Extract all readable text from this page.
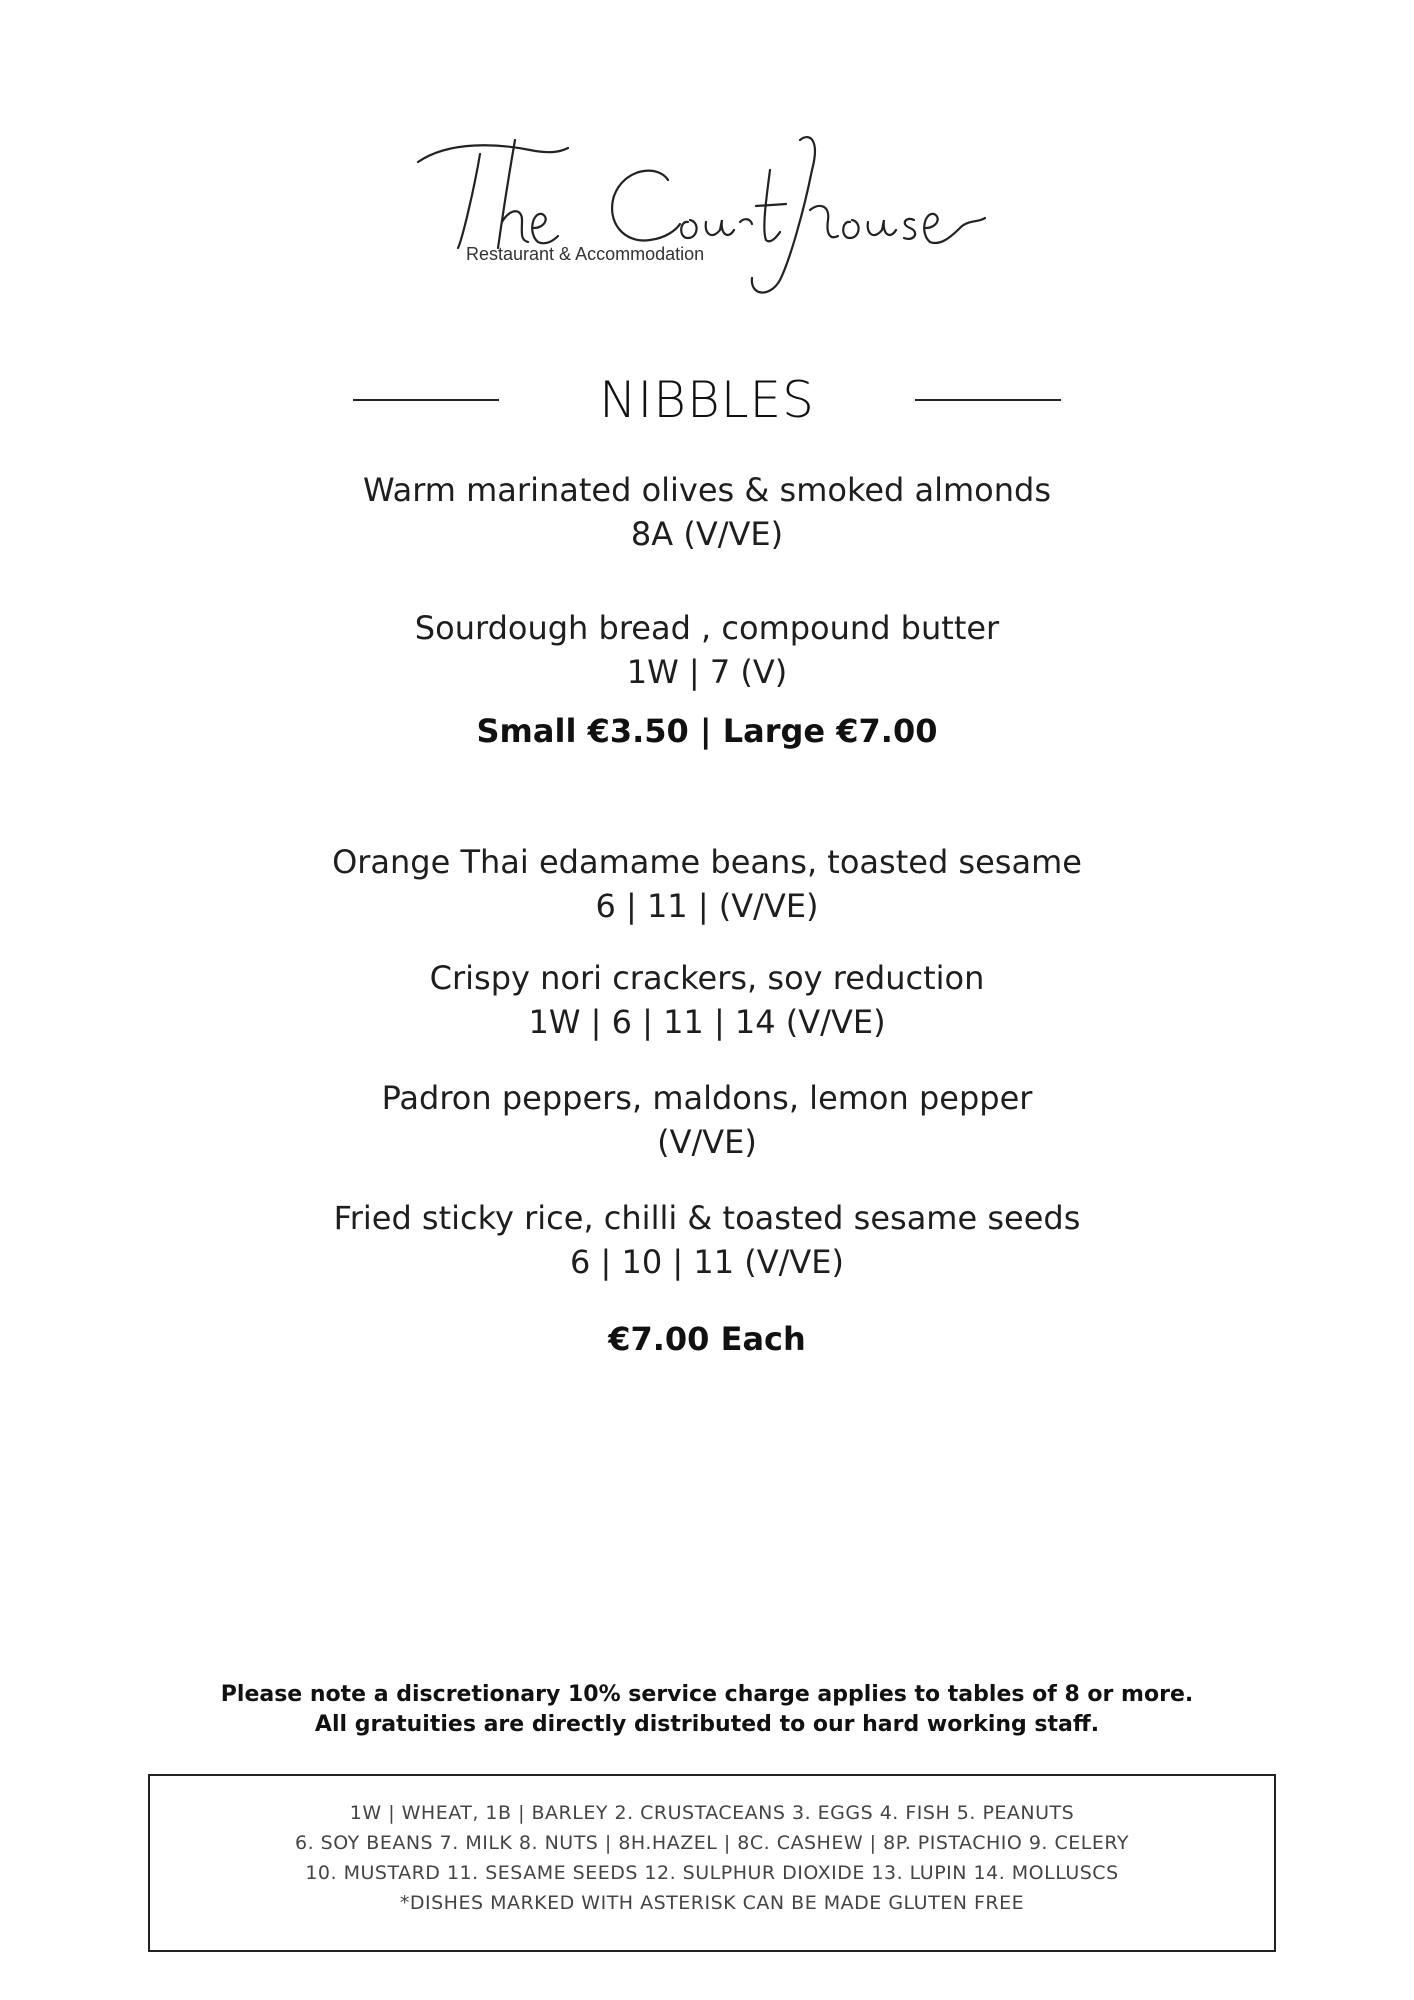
Restaurant & Accommodation
NIBBLES
Warm marinated olives & smoked almonds
8A (V/VE)
Sourdough bread , compound butter
1W | 7 (V)
Small €3.50 | Large €7.00
Orange Thai edamame beans, toasted sesame
6 | 11 | (V/VE)
Crispy nori crackers, soy reduction
1W | 6 | 11 | 14 (V/VE)
Padron peppers, maldons, lemon pepper
(V/VE)
Fried sticky rice, chilli & toasted sesame seeds
6 | 10 | 11 (V/VE)
€7.00 Each
Please note a discretionary 10% service charge applies to tables of 8 or more. All gratuities are directly distributed to our hard working staff.
1W | WHEAT, 1B | BARLEY 2. CRUSTACEANS 3. EGGS 4. FISH 5. PEANUTS
6. SOY BEANS 7. MILK 8. NUTS | 8H.HAZEL | 8C. CASHEW | 8P. PISTACHIO 9. CELERY
10. MUSTARD 11. SESAME SEEDS 12. SULPHUR DIOXIDE 13. LUPIN 14. MOLLUSCS
*DISHES MARKED WITH ASTERISK CAN BE MADE GLUTEN FREE
